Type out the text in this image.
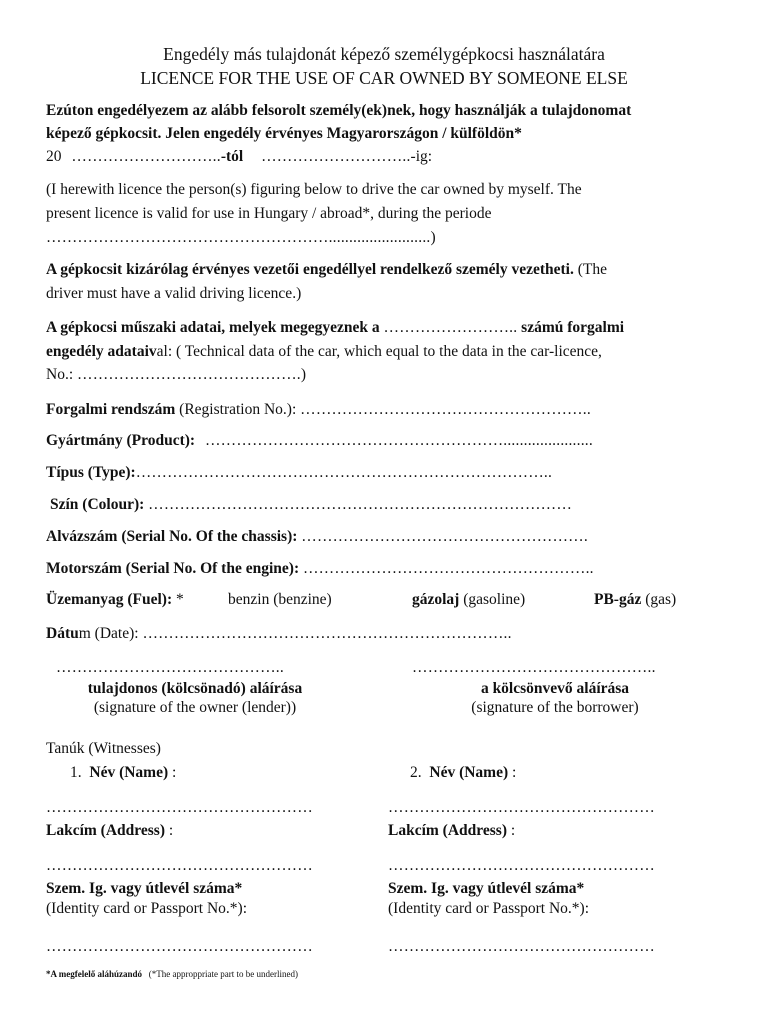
Engedély más tulajdonát képező személygépkocsi használatára
LICENCE FOR THE USE OF CAR OWNED BY SOMEONE ELSE
Ezúton engedélyezem az alább felsorolt személy(ek)nek, hogy használják a tulajdonomat
képező gépkocsit. Jelen engedély érvényes Magyarországon / külföldön*
20 ………………………..-tól ………………………..-ig:
(I herewith licence the person(s) figuring below to drive the car owned by myself. The
present licence is valid for use in Hungary / abroad*, during the periode
……………………………………………….........................)
A gépkocsit kizárólag érvényes vezetői engedéllyel rendelkező személy vezetheti. (The
driver must have a valid driving licence.)
A gépkocsi műszaki adatai, melyek megegyeznek a …………………….. számú forgalmi
engedély adataival: ( Technical data of the car, which equal to the data in the car-licence,
No.: …………………………………….)
Forgalmi rendszám (Registration No.): ………………………………………………..
Gyártmány (Product): …………………………………………………......................
Típus (Type):……………………………………………………………………..
Szín (Colour): ………………………………………………………………………
Alvázszám (Serial No. Of the chassis): ……………………………………………….
Motorszám (Serial No. Of the engine): ………………………………………………..
Üzemanyag (Fuel): *	benzin (benzine)	gázolaj (gasoline)	PB-gáz (gas)
Dátum (Date): ……………………………………………………………..
……………………………………..	………………………………………..
tulajdonos (kölcsönadó) aláírása	a kölcsönvevő aláírása
(signature of the owner (lender))	(signature of the borrower)
Tanúk (Witnesses)
1. Név (Name) :	2. Név (Name) :
……………………………………………	……………………………………………
Lakcím (Address) :	Lakcím (Address) :
……………………………………………	……………………………………………
Szem. Ig. vagy útlevél száma*	Szem. Ig. vagy útlevél száma*
(Identity card or Passport No.*):	(Identity card or Passport No.*):
……………………………………………	……………………………………………
*A megfelelő aláhúzandó (*The approppriate part to be underlined)
